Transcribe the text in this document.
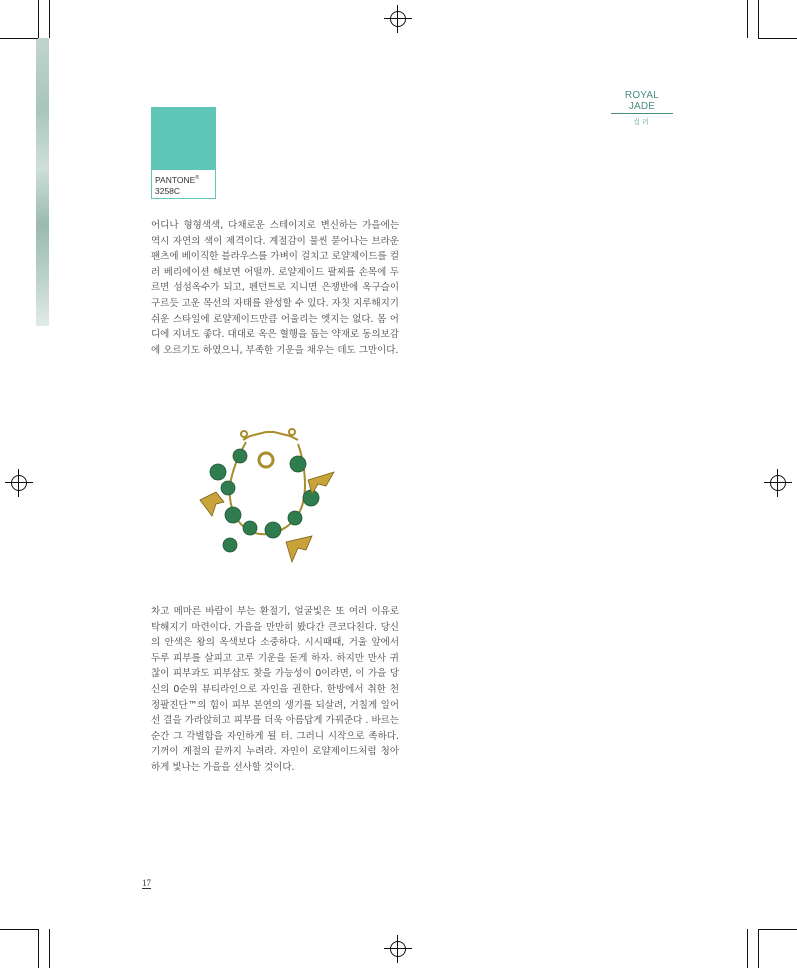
ROYAL JADE
컬러
PANTONE®
3258C
어디나 형형색색, 다채로운 스테이지로 변신하는 가을에는 역시 자연의 색이 제격이다. 계절감이 물씬 묻어나는 브라운 팬츠에 베이직한 블라우스를 가벼이 걸치고 로얄제이드를 컬러 베리에이션 해보면 어떨까. 로얄제이드 팔찌를 손목에 두르면 섬섬옥수가 되고, 펜던트로 지니면 은쟁반에 옥구슬이 구르듯 고운 목선의 자태를 완성할 수 있다. 자칫 지루해지기 쉬운 스타일에 로얄제이드만큼 어울리는 엣지는 없다. 몸 어디에 지녀도 좋다. 대대로 옥은 혈행을 돕는 약재로 동의보감에 오르기도 하였으니, 부족한 기운을 채우는 데도 그만이다.
차고 메마른 바람이 부는 환절기, 얼굴빛은 또 여러 이유로 탁해지기 마련이다. 가을을 만만히 봤다간 큰코다친다. 당신의 안색은 왕의 옥색보다 소중하다. 시시때때, 거울 앞에서 두루 피부를 살피고 고루 기운을 돋게 하자. 하지만 만사 귀찮이 피부과도 피부샵도 찾을 가능성이 0이라면, 이 가을 당신의 0순위 뷰티라인으로 자인을 권한다. 한방에서 취한 천정팔진단™의 힘이 피부 본연의 생기를 되살려, 거칠게 일어선 결을 가라앉히고 피부를 더욱 아름답게 가꿔준다 . 바르는 순간 그 각별함을 자인하게 될 터. 그러니 시작으로 족하다. 기꺼이 계절의 끝까지 누려라. 자인이 로얄제이드처럼 청아하게 빛나는 가을을 선사할 것이다.
17
